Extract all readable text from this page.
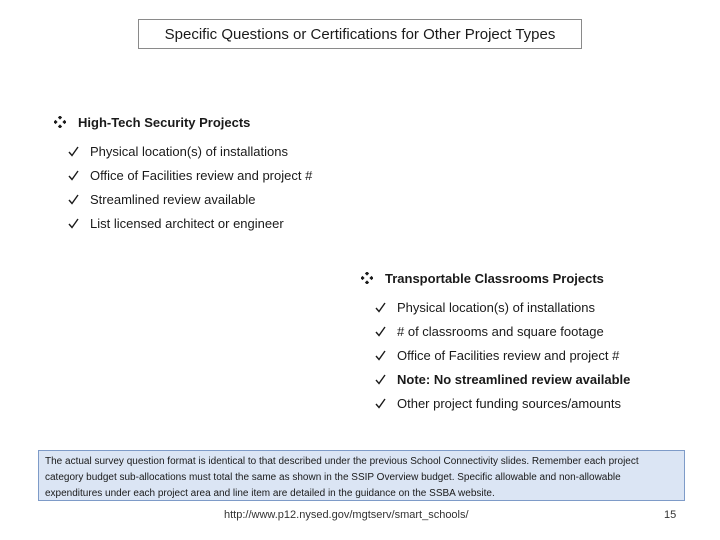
Specific Questions or Certifications for Other Project Types
High-Tech Security Projects
Physical location(s) of installations
Office of Facilities review and project #
Streamlined review available
List licensed architect or engineer
Transportable Classrooms Projects
Physical location(s) of installations
# of classrooms and square footage
Office of Facilities review and project #
Note: No streamlined review available
Other project funding sources/amounts
The actual survey question format is identical to that described under the previous School Connectivity slides. Remember each project category budget sub-allocations must total the same as shown in the SSIP Overview budget. Specific allowable and non-allowable expenditures under each project area and line item are detailed in the guidance on the SSBA website.
http://www.p12.nysed.gov/mgtserv/smart_schools/	15
